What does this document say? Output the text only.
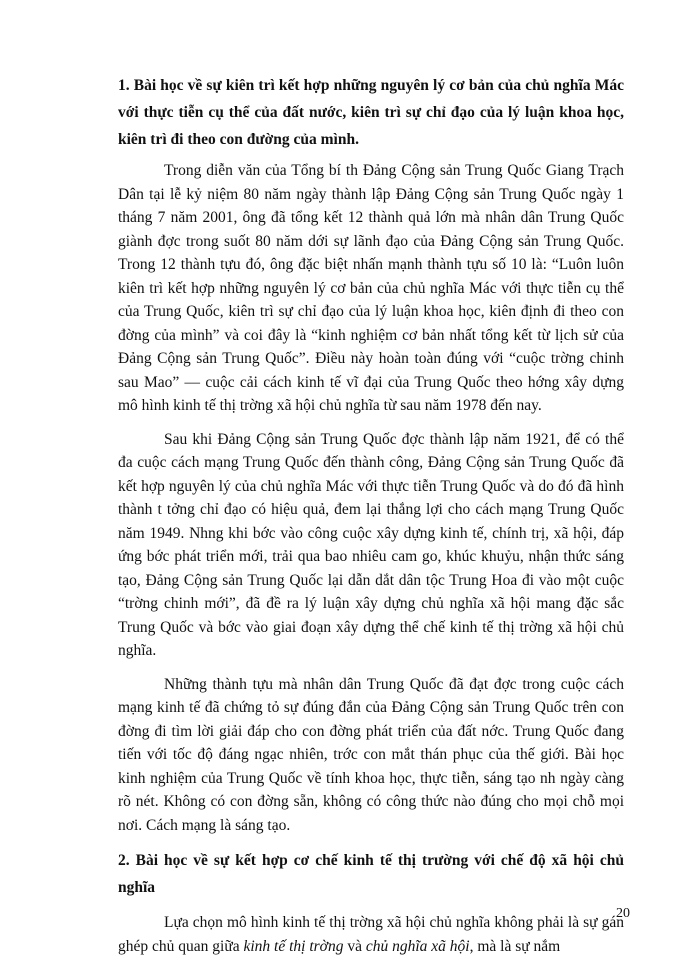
1. Bài học về sự kiên trì kết hợp những nguyên lý cơ bản của chủ nghĩa Mác với thực tiễn cụ thể của đất nước, kiên trì sự chỉ đạo của lý luận khoa học, kiên trì đi theo con đường của mình.

Trong diễn văn của Tổng bí th Đảng Cộng sản Trung Quốc Giang Trạch Dân tại lễ kỷ niệm 80 năm ngày thành lập Đảng Cộng sản Trung Quốc ngày 1 tháng 7 năm 2001, ông đã tổng kết 12 thành quả lớn mà nhân dân Trung Quốc giành đợc trong suốt 80 năm dới sự lãnh đạo của Đảng Cộng sản Trung Quốc. Trong 12 thành tựu đó, ông đặc biệt nhấn mạnh thành tựu số 10 là: “Luôn luôn kiên trì kết hợp những nguyên lý cơ bản của chủ nghĩa Mác với thực tiễn cụ thể của Trung Quốc, kiên trì sự chỉ đạo của lý luận khoa học, kiên định đi theo con đờng của mình” và coi đây là “kinh nghiệm cơ bản nhất tổng kết từ lịch sử của Đảng Cộng sản Trung Quốc”. Điều này hoàn toàn đúng với “cuộc trờng chinh sau Mao” — cuộc cải cách kinh tế vĩ đại của Trung Quốc theo hớng xây dựng mô hình kinh tế thị trờng xã hội chủ nghĩa từ sau năm 1978 đến nay.

Sau khi Đảng Cộng sản Trung Quốc đợc thành lập năm 1921, để có thể đa cuộc cách mạng Trung Quốc đến thành công, Đảng Cộng sản Trung Quốc đã kết hợp nguyên lý của chủ nghĩa Mác với thực tiễn Trung Quốc và do đó đã hình thành t tởng chỉ đạo có hiệu quả, đem lại thắng lợi cho cách mạng Trung Quốc năm 1949. Nhng khi bớc vào công cuộc xây dựng kinh tế, chính trị, xã hội, đáp ứng bớc phát triển mới, trải qua bao nhiêu cam go, khúc khuỷu, nhận thức sáng tạo, Đảng Cộng sản Trung Quốc lại dẫn dắt dân tộc Trung Hoa đi vào một cuộc “trờng chinh mới”, đã đề ra lý luận xây dựng chủ nghĩa xã hội mang đặc sắc Trung Quốc và bớc vào giai đoạn xây dựng thể chế kinh tế thị trờng xã hội chủ nghĩa.

Những thành tựu mà nhân dân Trung Quốc đã đạt đợc trong cuộc cách mạng kinh tế đã chứng tỏ sự đúng đắn của Đảng Cộng sản Trung Quốc trên con đờng đi tìm lời giải đáp cho con đờng phát triển của đất nớc. Trung Quốc đang tiến với tốc độ đáng ngạc nhiên, trớc con mắt thán phục của thế giới. Bài học kinh nghiệm của Trung Quốc về tính khoa học, thực tiễn, sáng tạo nh ngày càng rõ nét. Không có con đờng sẵn, không có công thức nào đúng cho mọi chỗ mọi nơi. Cách mạng là sáng tạo.

2. Bài học về sự kết hợp cơ chế kinh tế thị trường với chế độ xã hội chủ nghĩa

Lựa chọn mô hình kinh tế thị trờng xã hội chủ nghĩa không phải là sự gán ghép chủ quan giữa kinh tế thị trờng và chủ nghĩa xã hội, mà là sự nắm

20
